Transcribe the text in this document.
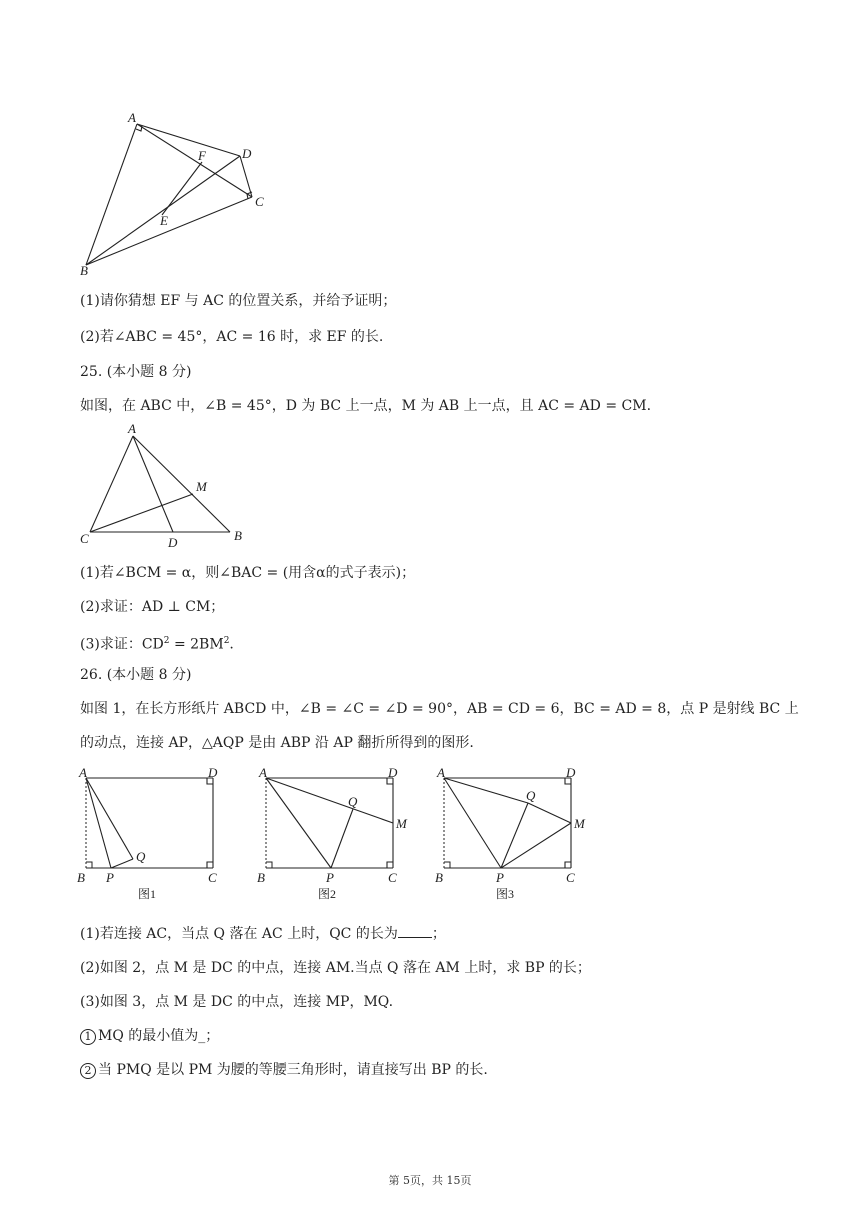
A
B
C
D
E
F
(1)请你猜想 EF 与 AC 的位置关系，并给予证明；
(2)若∠ABC = 45°，AC = 16 时，求 EF 的长.
25. (本小题 8 分)
如图，在 ABC 中，∠B = 45°，D 为 BC 上一点，M 为 AB 上一点，且 AC = AD = CM.
A
C	D	B
M
(1)若∠BCM = α，则∠BAC = (用含α的式子表示)；
(2)求证：AD ⊥ CM；
(3)求证：$CD^2 = 2BM^2$.
26. (本小题 8 分)
如图 1，在长方形纸片 ABCD 中，∠B = ∠C = ∠D = 90°，AB = CD = 6，BC = AD = 8，点 P 是射线 BC 上
的动点，连接 AP，△AQP 是由 ABP 沿 AP 翻折所得到的图形.
A	D
B P	C
Q
图1
A	D
B	P	C
Q
M
图2
A	D
B	P	C
Q
M
图3
(1)若连接 AC，当点 Q 落在 AC 上时，QC 的长为 ；
(2)如图 2，点 M 是 DC 的中点，连接 AM.当点 Q 落在 AM 上时，求 BP 的长；
(3)如图 3，点 M 是 DC 的中点，连接 MP，MQ.
1 MQ 的最小值为_；
2 当 PMQ 是以 PM 为腰的等腰三角形时，请直接写出 BP 的长.
第 5页，共 15页
